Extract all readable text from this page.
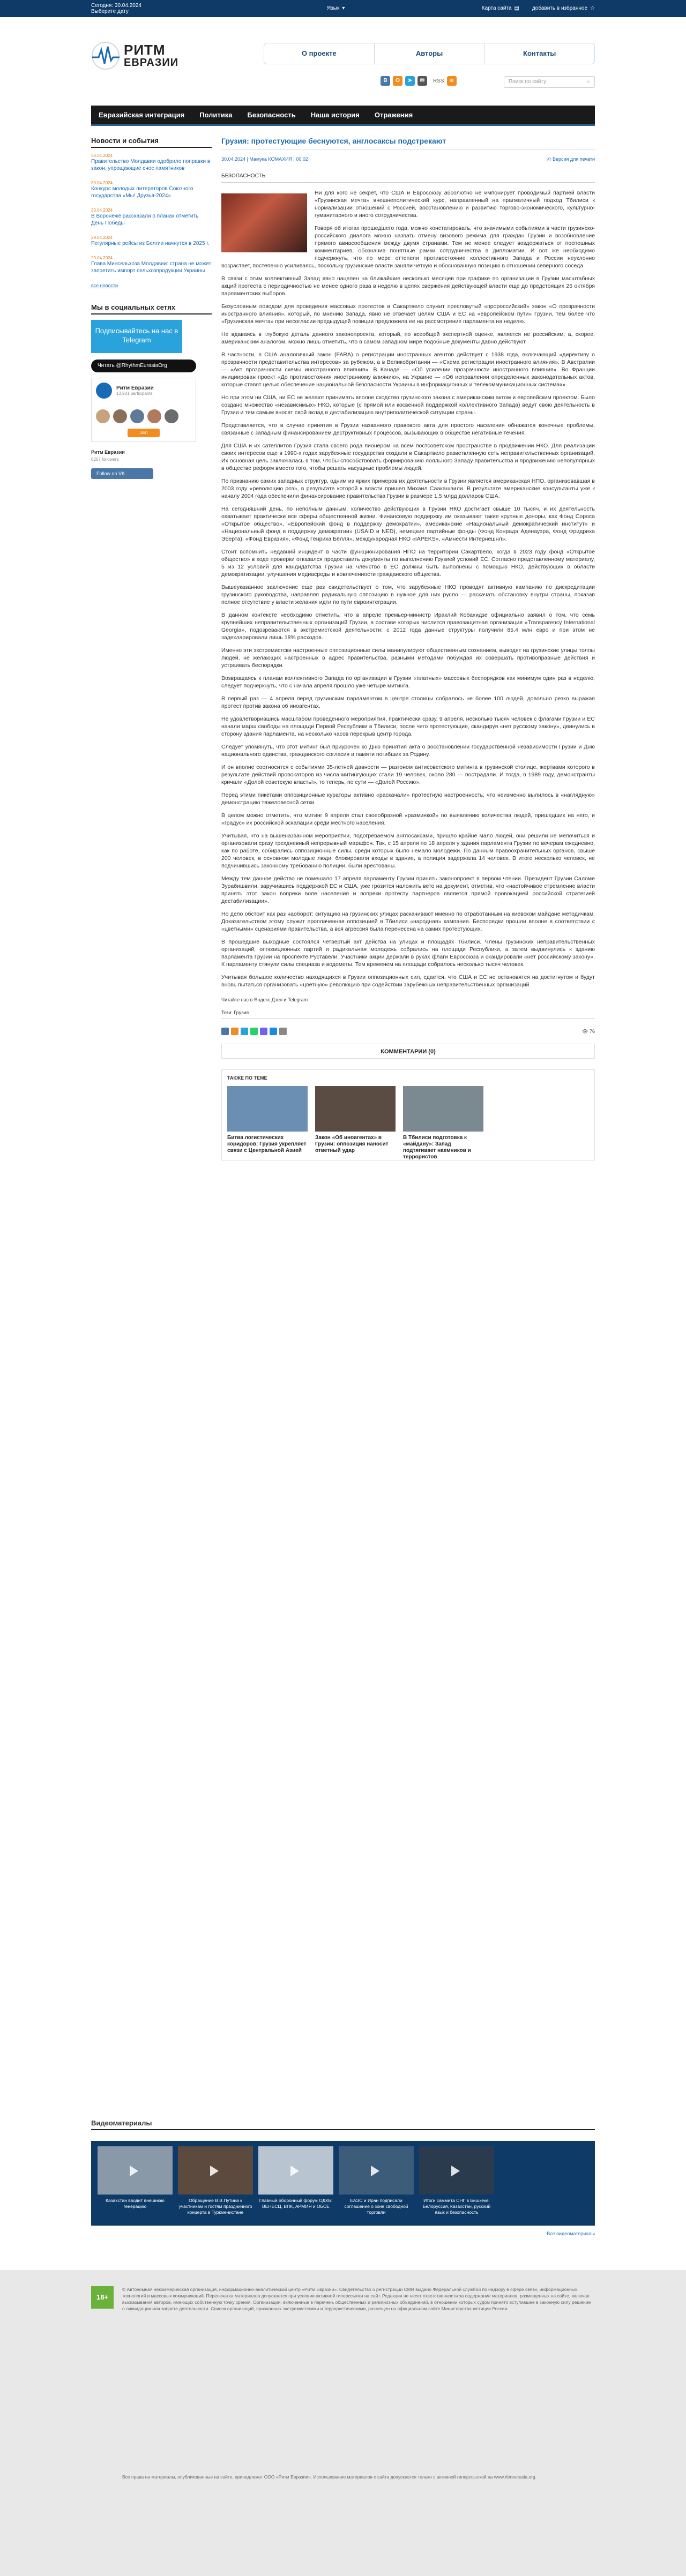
Сегодня: 30.04.2024
Выберите дату
Язык ▾	Карта сайта ▤ добавить в избранное ☆
РИТМ
ЕВРАЗИИ
О проекте	Авторы	Контакты
В	О	➤	✉	RSS ≋	Поиск по сайту	⌕
Евразийская интеграция	Политика	Безопасность	Наша история	Отражения
Новости и события
30.04.2024
Правительство Молдавии одобрило поправки в закон, упрощающие снос памятников
30.04.2024
Конкурс молодых литераторов Союзного государства «Мы! Друзья-2024»
30.04.2024
В Воронеже рассказали о планах отметить День Победы
29.04.2024
Регулярные рейсы из Белгии начнутся в 2025 г.
29.04.2024
Глава Минсельхоза Молдавии: страна не может запретить импорт сельхозпродукции Украины
все новости
Мы в социальных сетях
Подписывайтесь на нас в Telegram
Читать @RhythmEurasiaOrg
Ритм Евразии
13,901 participants
Join
Ритм Евразии
8267 followers
Follow on VK
Грузия: протестующие беснуются, англосаксы подстрекают
30.04.2024 | Мамука КОМАХИЯ | 00:02	⎙ Версия для печати
БЕЗОПАСНОСТЬ

Ни для кого не секрет, что США и Евросоюзу абсолютно не импонирует проводимый партией власти «Грузинская мечта» внешнеполитический курс, направленный на прагматичный подход Тбилиси к нормализации отношений с Россией, восстановлению и развитию торгово-экономического, культурно-гуманитарного и иного сотрудничества.

Говоря об итогах прошедшего года, можно констатировать, что значимыми событиями в части грузинско-российского диалога можно назвать отмену визового режима для граждан Грузии и возобновление прямого авиасообщения между двумя странами. Тем не менее следует воздержаться от поспешных комментариев, обозначив понятные рамки сотрудничества в дипломатии. И вот же необходимо подчеркнуть, что по мере оттепели противостояние коллективного Запада и России неуклонно возрастает, постепенно усиливаясь, поскольку грузинские власти заняли четкую и обоснованную позицию в отношении северного соседа.

В связи с этим коллективный Запад явно нацелен на ближайшие несколько месяцев при графике по организации в Грузии масштабных акций протеста с периодичностью не менее одного раза в неделю в целях свержения действующей власти еще до предстоящих 26 октября парламентских выборов.

Безусловным поводом для проведения массовых протестов в Сакартвело служит пресловутый «пророссийский» закон «О прозрачности иностранного влияния», который, по мнению Запада, явно не отвечает целям США и ЕС на «европейском пути» Грузии, тем более что «Грузинская мечта» при несогласии предыдущей позиции предложила ее на рассмотрение парламента на неделю.

Не вдаваясь в глубокую деталь данного законопроекта, который, по всеобщей экспертной оценке, является не российским, а, скорее, американским аналогом, можно лишь отметить, что в самом западном мире подобные документы давно действуют.

В частности, в США аналогичный закон (FARA) о регистрации иностранных агентов действует с 1938 года, включающий «директиву о прозрачности представительства интересов» за рубежом, а в Великобритании — «Схема регистрации иностранного влияния». В Австралии — «Акт прозрачности схемы иностранного влияния». В Канаде — «Об усилении прозрачности иностранного влияния». Во Франции инициирован проект «До противостояния иностранному влиянию», на Украине — «Об исправлении определенных законодательных актов, которые ставят целью обеспечение национальной безопасности Украины в информационных и телекоммуникационных системах».

Но при этом ни США, ни ЕС не желают принимать вполне сходство грузинского закона с американским актом и европейским проектом. Было создано множество «независимых» НКО, которые (с прямой или косвенной поддержкой коллективного Запада) ведут свою деятельность в Грузии и тем самым вносят свой вклад в дестабилизацию внутриполитической ситуации страны.

Представляется, что в случае принятия в Грузии названного правового акта для простого населения обнажатся конечные проблемы, связанные с западным финансированием деструктивных процессов, вызывающих в обществе негативные течения.

Для США и их сателлитов Грузия стала своего рода пионером на всем постсоветском пространстве в продвижении НКО. Для реализации своих интересов еще в 1990-х годах зарубежные государства создали в Сакартвело разветвленную сеть неправительственных организаций. Их основная цель заключалась в том, чтобы способствовать формированию лояльного Западу правительства и продвижению непопулярных в обществе реформ вместо того, чтобы решать насущные проблемы людей.

По признанию самих западных структур, одним из ярких примеров их деятельности в Грузии является американская НПО, организовавшая в 2003 году «революцию роз», в результате которой к власти пришел Михаил Саакашвили. В результате американские консультанты уже к началу 2004 года обеспечили финансирование правительства Грузии в размере 1,5 млрд долларов США.

На сегодняшний день, по неполным данным, количество действующих в Грузии НКО достигает свыше 10 тысяч, и их деятельность охватывает практически все сферы общественной жизни. Финансовую поддержку им оказывают такие крупные доноры, как Фонд Сороса «Открытое общество», «Европейский фонд в поддержку демократии», американские «Национальный демократический институт» и «Национальный фонд в поддержку демократии» (USAID и NED), немецкие партийные фонды (Фонд Конрада Аденауэра, Фонд Фридриха Эберта), «Фонд Евразия», «Фонд Генриха Бёлля», международная НКО «IAPEKS», «Амнести Интернешнл».

Стоит вспомнить недавний инцидент в части функционирования НПО на территории Сакартвело, когда в 2023 году фонд «Открытое общество» в ходе проверки отказался предоставить документы по выполнению Грузией условий ЕС. Согласно представленному материалу, 5 из 12 условий для кандидатства Грузии на членство в ЕС должны быть выполнены с помощью НКО, действующих в области демократизации, улучшения медиасреды и вовлеченности гражданского общества.

Вышеуказанное заключение еще раз свидетельствует о том, что зарубежные НКО проводят активную кампанию по дискредитации грузинского руководства, направляя радикальную оппозицию в нужное для них русло — раскачать обстановку внутри страны, показав полное отсутствие у власти желания идти по пути евроинтеграции.

В данном контексте необходимо отметить, что в апреле премьер-министр Ираклий Кобахидзе официально заявил о том, что семь крупнейших неправительственных организаций Грузии, в составе которых числится правозащитная организация «Transparency International Georgia», подозреваются в экстремистской деятельности: с 2012 года данные структуры получили 85,4 млн евро и при этом не задекларировали лишь 18% расходов.

Именно эти экстремистски настроенные оппозиционные силы манипулируют общественным сознанием, выводят на грузинские улицы толпы людей, не желающих настроенных в адрес правительства, разными методами побуждая их совершать противоправные действия и устраивать беспорядки.

Возвращаясь к планам коллективного Запада по организации в Грузии «платных» массовых беспорядков как минимум один раз в неделю, следует подчеркнуть, что с начала апреля прошло уже четыре митинга.

В первый раз — 4 апреля перед грузинским парламентом в центре столицы собралось не более 100 людей, довольно резко выражая протест против закона об иноагентах.

Не удовлетворившись масштабом проведенного мероприятия, практически сразу, 9 апреля, несколько тысяч человек с флагами Грузии и ЕС начали марш свободы на площади Первой Республики в Тбилиси, после чего протестующие, скандируя «нет русскому закону», двинулись в сторону здания парламента, на несколько часов перекрыв центр города.

Следует упомянуть, что этот митинг был приурочен ко Дню принятия акта о восстановлении государственной независимости Грузии и Дню национального единства, гражданского согласия и памяти погибших за Родину.

И он вполне соотносится с событиями 35-летней давности — разгоном антисоветского митинга в грузинской столице, жертвами которого в результате действий провокаторов из числа митингующих стали 19 человек, около 280 — пострадали. И тогда, в 1989 году, демонстранты кричали «Долой советскую власть!», то теперь, по сути — «Долой Россию».

Перед этими пикетами оппозиционные кураторы активно «раскачали» протестную настроенность, что неизменно вылилось в «наглядную» демонстрацию тяжеловесной сетки.

В целом можно отметить, что митинг 9 апреля стал своеобразной «разминкой» по выявлению количества людей, пришедших на него, и «градус» их российской эскалации среди местного населения.

Учитывая, что на вышеназванном мероприятии, подогреваемом англосаксами, пришло крайне мало людей, они решили не мелочиться и организовали сразу трехдневный непрерывный марафон. Так, с 15 апреля по 18 апреля у здания парламента Грузии по вечерам ежедневно, как по работе, собирались оппозиционные силы, среди которых было немало молодежи. По данным правоохранительных органов, свыше 200 человек, в основном молодые люди, блокировали входы в здание, а полиция задержала 14 человек. В итоге несколько человек, не подчинившись законному требованию полиции, были арестованы.

Между тем данное действо не помешало 17 апреля парламенту Грузии принять законопроект в первом чтении. Президент Грузии Саломе Зурабишвили, заручившись поддержкой ЕС и США, уже грозится наложить вето на документ, отметив, что «настойчивое стремление власти принять этот закон вопреки воле населения и вопреки протесту партнеров является прямой провокацией российской стратегией дестабилизации».

Но дело обстоит как раз наоборот: ситуацию на грузинских улицах раскачивают именно по отработанным на киевском майдане методичкам. Доказательством этому служит проплаченная оппозицией в Тбилиси «народная» кампания. Беспорядки прошли вполне в соответствии с «цветными» сценариями правительства, а вся агрессия была перенесена на самих протестующих.

В прошедшие выходные состоялся четвертый акт действа на улицах и площадях Тбилиси. Члены грузинских неправительственных организаций, оппозиционных партий и радикальная молодежь собрались на площади Республики, а затем выдвинулись к зданию парламента Грузии на проспекте Руставели. Участники акции держали в руках флаги Евросоюза и скандировали «нет российскому закону». К парламенту стянули силы спецназа и водометы. Тем временем на площади собралось несколько тысяч человек.

Учитывая большое количество находящихся в Грузии оппозиционных сил, сдается, что США и ЕС не остановятся на достигнутом и будут вновь пытаться организовать «цветную» революцию при содействии зарубежных неправительственных организаций.

Читайте нас в Яндекс.Дзен и Telegram
Теги: Грузия
👁 76
КОММЕНТАРИИ (0)
ТАКЖЕ ПО ТЕМЕ
Битва логистических коридоров: Грузия укрепляет связи с Центральной Азией
Закон «Об иноагентах» в Грузии: оппозиция наносит ответный удар
В Тбилиси подготовка к «майдану»: Запад подтягивает наемников и террористов
Видеоматериалы
Казахстан вводит внешнюю генерацию
Обращение В.В.Путина к участникам и гостям праздничного концерта в Туркменистане
Главный оборонный форум ОДКБ: ВЕНЕСЦ, ВПК, АРМИЯ и ОБСЕ
ЕАЭС и Иран подписали соглашение о зоне свободной торговли
Итоги саммита СНГ в Бишкеке: Белоруссия, Казахстан, русский язык и безопасность
Все видеоматериалы
18+
© Автономная некоммерческая организация, информационно-аналитический центр «Ритм Евразии». Свидетельство о регистрации СМИ выдано Федеральной службой по надзору в сфере связи, информационных технологий и массовых коммуникаций. Перепечатка материалов допускается при условии активной гиперссылки на сайт. Редакция не несет ответственности за содержание материалов, размещенных на сайте, включая высказывания авторов, имеющих собственную точку зрения. Организации, включенные в перечень общественных и религиозных объединений, в отношении которых судом принято вступившее в законную силу решение о ликвидации или запрете деятельности. Список организаций, признанных экстремистскими и террористическими, размещен на официальном сайте Министерства юстиции России.
Все права на материалы, опубликованные на сайте, принадлежат ООО «Ритм Евразии». Использование материалов с сайта допускается только с активной гиперссылкой на www.ritmeurasia.org.
